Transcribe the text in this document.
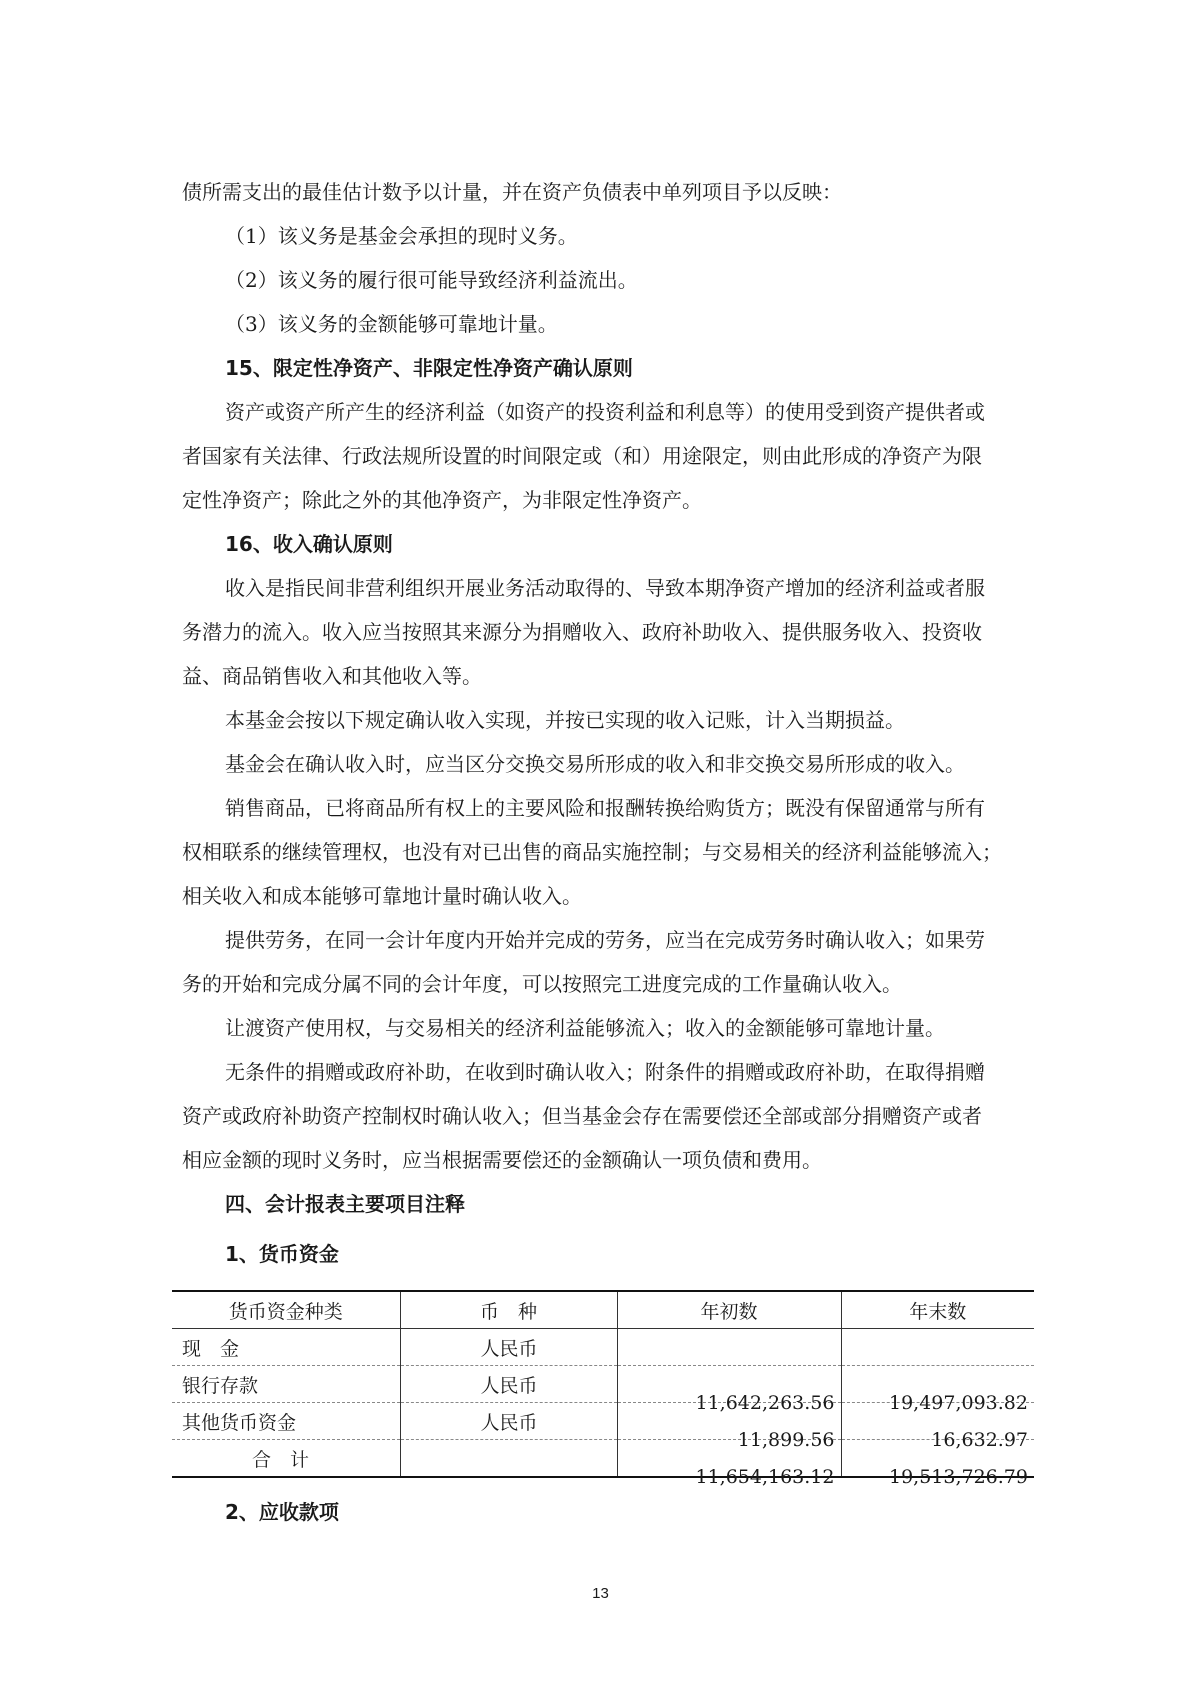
债所需支出的最佳估计数予以计量，并在资产负债表中单列项目予以反映：

（1）该义务是基金会承担的现时义务。

（2）该义务的履行很可能导致经济利益流出。

（3）该义务的金额能够可靠地计量。

15、限定性净资产、非限定性净资产确认原则

资产或资产所产生的经济利益（如资产的投资利益和利息等）的使用受到资产提供者或

者国家有关法律、行政法规所设置的时间限定或（和）用途限定，则由此形成的净资产为限

定性净资产；除此之外的其他净资产，为非限定性净资产。

16、收入确认原则

收入是指民间非营利组织开展业务活动取得的、导致本期净资产增加的经济利益或者服

务潜力的流入。收入应当按照其来源分为捐赠收入、政府补助收入、提供服务收入、投资收

益、商品销售收入和其他收入等。

本基金会按以下规定确认收入实现，并按已实现的收入记账，计入当期损益。

基金会在确认收入时，应当区分交换交易所形成的收入和非交换交易所形成的收入。

销售商品，已将商品所有权上的主要风险和报酬转换给购货方；既没有保留通常与所有

权相联系的继续管理权，也没有对已出售的商品实施控制；与交易相关的经济利益能够流入；

相关收入和成本能够可靠地计量时确认收入。

提供劳务，在同一会计年度内开始并完成的劳务，应当在完成劳务时确认收入；如果劳

务的开始和完成分属不同的会计年度，可以按照完工进度完成的工作量确认收入。

让渡资产使用权，与交易相关的经济利益能够流入；收入的金额能够可靠地计量。

无条件的捐赠或政府补助，在收到时确认收入；附条件的捐赠或政府补助，在取得捐赠

资产或政府补助资产控制权时确认收入；但当基金会存在需要偿还全部或部分捐赠资产或者

相应金额的现时义务时，应当根据需要偿还的金额确认一项负债和费用。

四、会计报表主要项目注释

1、货币资金

货币资金种类	币　种	年初数	年末数
现　金	人民币		
银行存款	人民币	11,642,263.56	19,497,093.82
其他货币资金	人民币	11,899.56	16,632.97
合　计		11,654,163.12	19,513,726.79
2、应收款项
13
